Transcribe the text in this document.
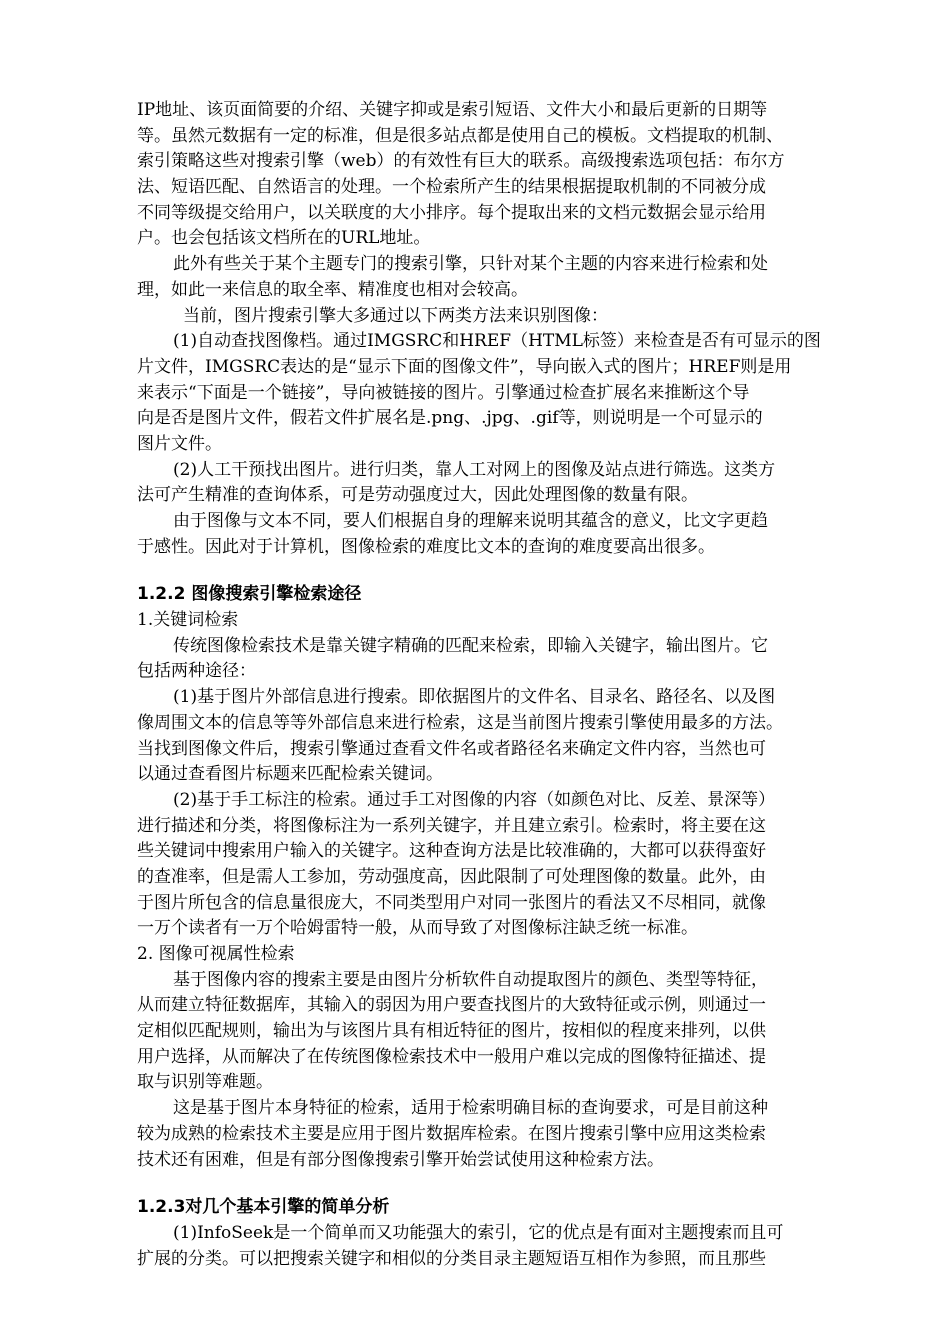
IP地址、该页面简要的介绍、关键字抑或是索引短语、文件大小和最后更新的日期等
等。虽然元数据有一定的标准，但是很多站点都是使用自己的模板。文档提取的机制、
索引策略这些对搜索引擎（web）的有效性有巨大的联系。高级搜索选项包括：布尔方
法、短语匹配、自然语言的处理。一个检索所产生的结果根据提取机制的不同被分成
不同等级提交给用户，以关联度的大小排序。每个提取出来的文档元数据会显示给用
户。也会包括该文档所在的URL地址。
此外有些关于某个主题专门的搜索引擎，只针对某个主题的内容来进行检索和处
理，如此一来信息的取全率、精准度也相对会较高。
当前，图片搜索引擎大多通过以下两类方法来识别图像：
(1)自动查找图像档。通过IMGSRC和HREF（HTML标签）来检查是否有可显示的图
片文件，IMGSRC表达的是“显示下面的图像文件”，导向嵌入式的图片；HREF则是用
来表示“下面是一个链接”，导向被链接的图片。引擎通过检查扩展名来推断这个导
向是否是图片文件，假若文件扩展名是.png、.jpg、.gif等，则说明是一个可显示的
图片文件。
(2)人工干预找出图片。进行归类，靠人工对网上的图像及站点进行筛选。这类方
法可产生精准的查询体系，可是劳动强度过大，因此处理图像的数量有限。
由于图像与文本不同，要人们根据自身的理解来说明其蕴含的意义，比文字更趋
于感性。因此对于计算机，图像检索的难度比文本的查询的难度要高出很多。
1.2.2 图像搜索引擎检索途径
1.关键词检索
传统图像检索技术是靠关键字精确的匹配来检索，即输入关键字，输出图片。它
包括两种途径：
(1)基于图片外部信息进行搜索。即依据图片的文件名、目录名、路径名、以及图
像周围文本的信息等等外部信息来进行检索，这是当前图片搜索引擎使用最多的方法。
当找到图像文件后，搜索引擎通过查看文件名或者路径名来确定文件内容，当然也可
以通过查看图片标题来匹配检索关键词。
(2)基于手工标注的检索。通过手工对图像的内容（如颜色对比、反差、景深等）
进行描述和分类，将图像标注为一系列关键字，并且建立索引。检索时，将主要在这
些关键词中搜索用户输入的关键字。这种查询方法是比较准确的，大都可以获得蛮好
的查准率，但是需人工参加，劳动强度高，因此限制了可处理图像的数量。此外，由
于图片所包含的信息量很庞大，不同类型用户对同一张图片的看法又不尽相同，就像
一万个读者有一万个哈姆雷特一般，从而导致了对图像标注缺乏统一标准。
2. 图像可视属性检索
基于图像内容的搜索主要是由图片分析软件自动提取图片的颜色、类型等特征，
从而建立特征数据库，其输入的弱因为用户要查找图片的大致特征或示例，则通过一
定相似匹配规则，输出为与该图片具有相近特征的图片，按相似的程度来排列，以供
用户选择，从而解决了在传统图像检索技术中一般用户难以完成的图像特征描述、提
取与识别等难题。
这是基于图片本身特征的检索，适用于检索明确目标的查询要求，可是目前这种
较为成熟的检索技术主要是应用于图片数据库检索。在图片搜索引擎中应用这类检索
技术还有困难，但是有部分图像搜索引擎开始尝试使用这种检索方法。
1.2.3对几个基本引擎的简单分析
(1)InfoSeek是一个简单而又功能强大的索引，它的优点是有面对主题搜索而且可
扩展的分类。可以把搜索关键字和相似的分类目录主题短语互相作为参照，而且那些
